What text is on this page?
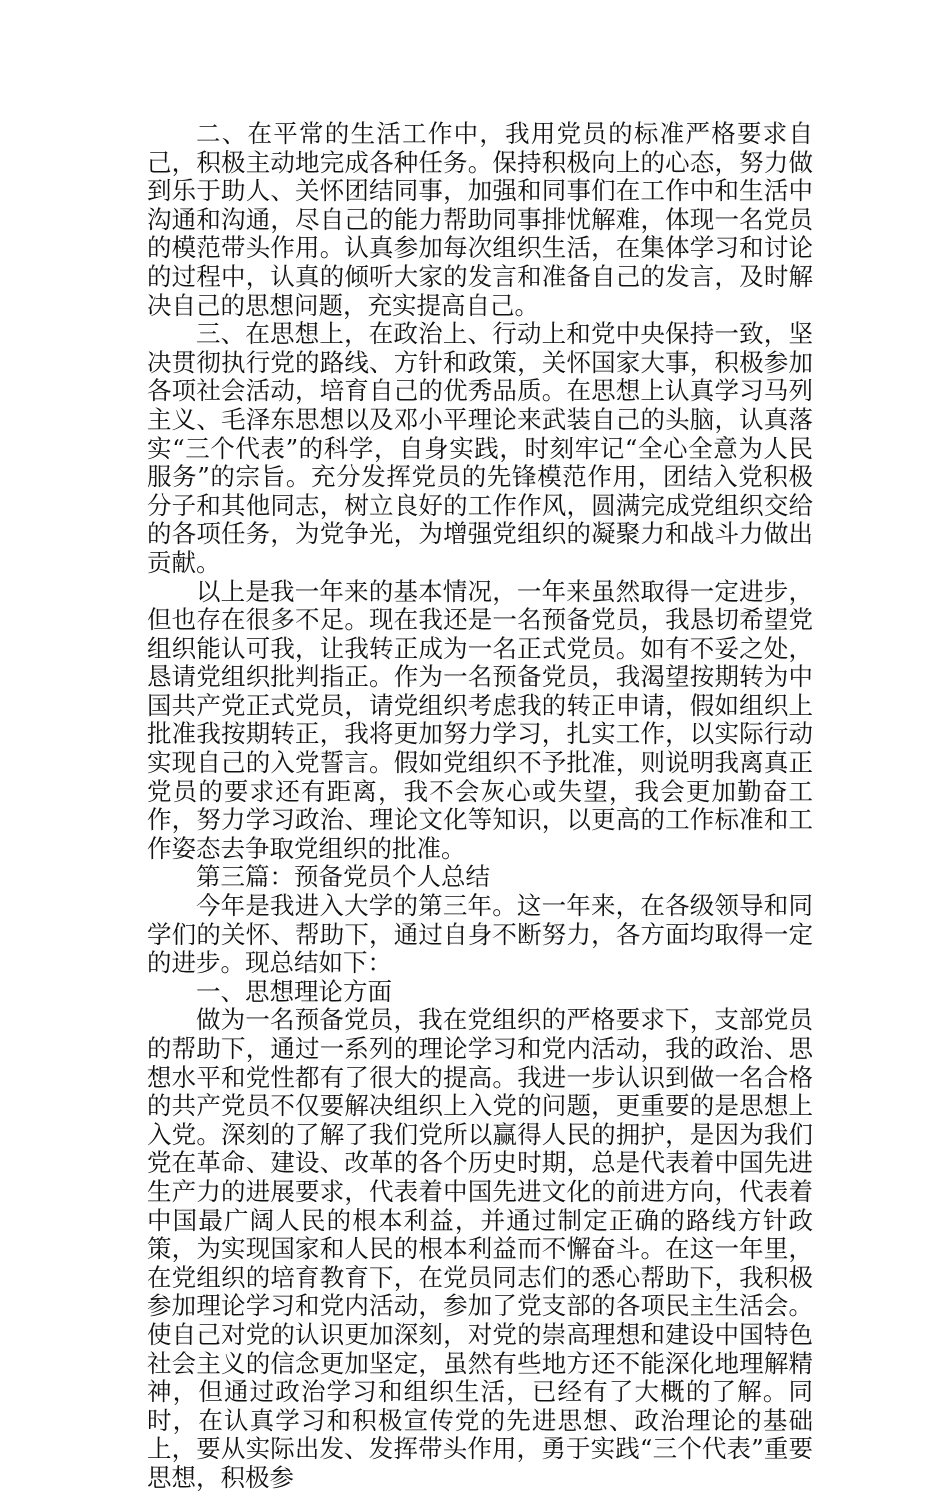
二、在平常的生活工作中，我用党员的标准严格要求自己，积极主动地完成各种任务。保持积极向上的心态，努力做到乐于助人、关怀团结同事，加强和同事们在工作中和生活中沟通和沟通，尽自己的能力帮助同事排忧解难，体现一名党员的模范带头作用。认真参加每次组织生活，在集体学习和讨论的过程中，认真的倾听大家的发言和准备自己的发言，及时解决自己的思想问题，充实提高自己。

三、在思想上，在政治上、行动上和党中央保持一致，坚决贯彻执行党的路线、方针和政策，关怀国家大事，积极参加各项社会活动，培育自己的优秀品质。在思想上认真学习马列主义、毛泽东思想以及邓小平理论来武装自己的头脑，认真落实“三个代表”的科学，自身实践，时刻牢记“全心全意为人民服务”的宗旨。充分发挥党员的先锋模范作用，团结入党积极分子和其他同志，树立良好的工作作风，圆满完成党组织交给的各项任务，为党争光，为增强党组织的凝聚力和战斗力做出贡献。

以上是我一年来的基本情况，一年来虽然取得一定进步，但也存在很多不足。现在我还是一名预备党员，我恳切希望党组织能认可我，让我转正成为一名正式党员。如有不妥之处，恳请党组织批判指正。作为一名预备党员，我渴望按期转为中国共产党正式党员，请党组织考虑我的转正申请，假如组织上批准我按期转正，我将更加努力学习，扎实工作，以实际行动实现自己的入党誓言。假如党组织不予批准，则说明我离真正党员的要求还有距离，我不会灰心或失望，我会更加勤奋工作，努力学习政治、理论文化等知识，以更高的工作标准和工作姿态去争取党组织的批准。

第三篇：预备党员个人总结

今年是我进入大学的第三年。这一年来，在各级领导和同学们的关怀、帮助下，通过自身不断努力，各方面均取得一定的进步。现总结如下：

一、思想理论方面

做为一名预备党员，我在党组织的严格要求下，支部党员的帮助下，通过一系列的理论学习和党内活动，我的政治、思想水平和党性都有了很大的提高。我进一步认识到做一名合格的共产党员不仅要解决组织上入党的问题，更重要的是思想上入党。深刻的了解了我们党所以赢得人民的拥护，是因为我们党在革命、建设、改革的各个历史时期，总是代表着中国先进生产力的进展要求，代表着中国先进文化的前进方向，代表着中国最广阔人民的根本利益，并通过制定正确的路线方针政策，为实现国家和人民的根本利益而不懈奋斗。在这一年里，在党组织的培育教育下，在党员同志们的悉心帮助下，我积极参加理论学习和党内活动，参加了党支部的各项民主生活会。使自己对党的认识更加深刻，对党的崇高理想和建设中国特色社会主义的信念更加坚定，虽然有些地方还不能深化地理解精神，但通过政治学习和组织生活，已经有了大概的了解。同时，在认真学习和积极宣传党的先进思想、政治理论的基础上，要从实际出发、发挥带头作用，勇于实践“三个代表”重要思想，积极参
